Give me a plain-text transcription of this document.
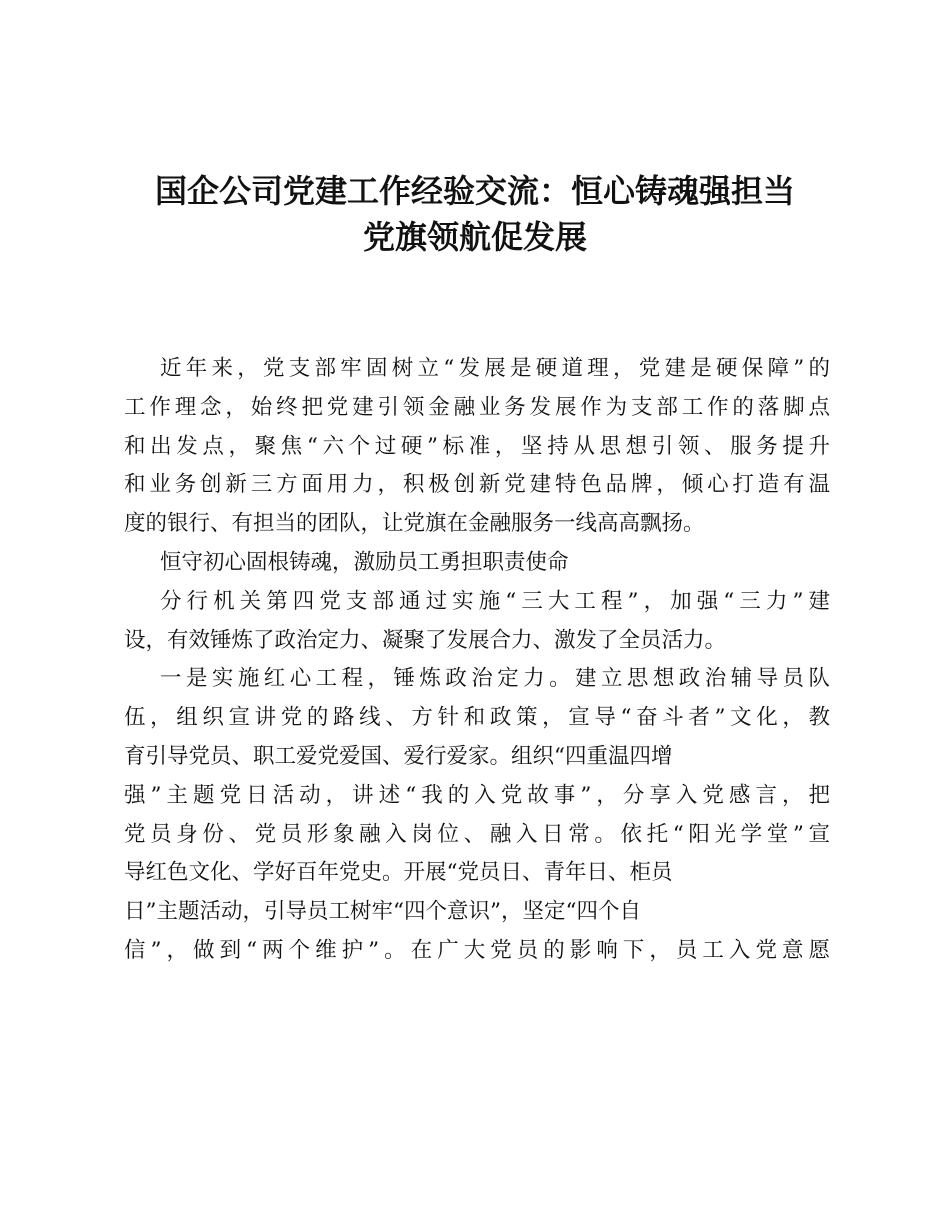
国企公司党建工作经验交流：恒心铸魂强担当
党旗领航促发展
近年来，党支部牢固树立“发展是硬道理，党建是硬保障”的
工作理念，始终把党建引领金融业务发展作为支部工作的落脚点
和出发点，聚焦“六个过硬”标准，坚持从思想引领、服务提升
和业务创新三方面用力，积极创新党建特色品牌，倾心打造有温
度的银行、有担当的团队，让党旗在金融服务一线高高飘扬。
恒守初心固根铸魂，激励员工勇担职责使命
分行机关第四党支部通过实施“三大工程”，加强“三力”建
设，有效锤炼了政治定力、凝聚了发展合力、激发了全员活力。
一是实施红心工程，锤炼政治定力。建立思想政治辅导员队
伍，组织宣讲党的路线、方针和政策，宣导“奋斗者”文化，教
育引导党员、职工爱党爱国、爱行爱家。组织“四重温四增
强”主题党日活动，讲述“我的入党故事”，分享入党感言，把
党员身份、党员形象融入岗位、融入日常。依托“阳光学堂”宣
导红色文化、学好百年党史。开展“党员日、青年日、柜员
日”主题活动，引导员工树牢“四个意识”，坚定“四个自
信”，做到“两个维护”。在广大党员的影响下，员工入党意愿
